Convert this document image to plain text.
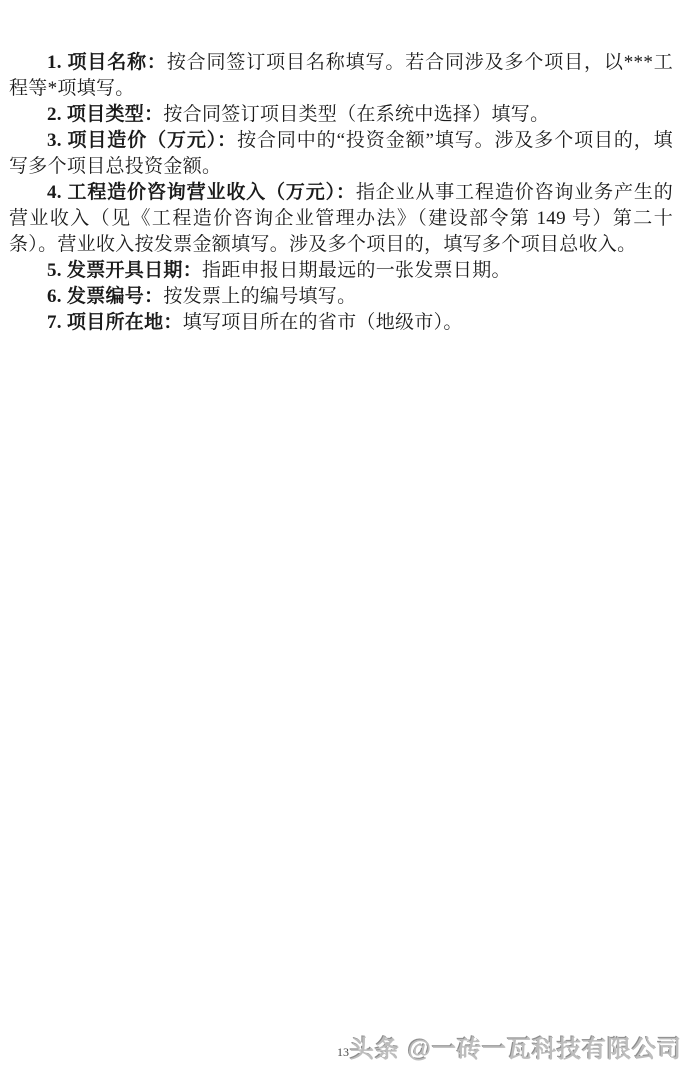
1. 项目名称：按合同签订项目名称填写。若合同涉及多个项目，以***工程等*项填写。

2. 项目类型：按合同签订项目类型（在系统中选择）填写。

3. 项目造价（万元）：按合同中的“投资金额”填写。涉及多个项目的，填写多个项目总投资金额。

4. 工程造价咨询营业收入（万元）：指企业从事工程造价咨询业务产生的营业收入（见《工程造价咨询企业管理办法》（建设部令第 149 号）第二十条）。营业收入按发票金额填写。涉及多个项目的，填写多个项目总收入。

5. 发票开具日期：指距申报日期最远的一张发票日期。

6. 发票编号：按发票上的编号填写。

7. 项目所在地：填写项目所在的省市（地级市）。

13 头条 @一砖一瓦科技有限公司
